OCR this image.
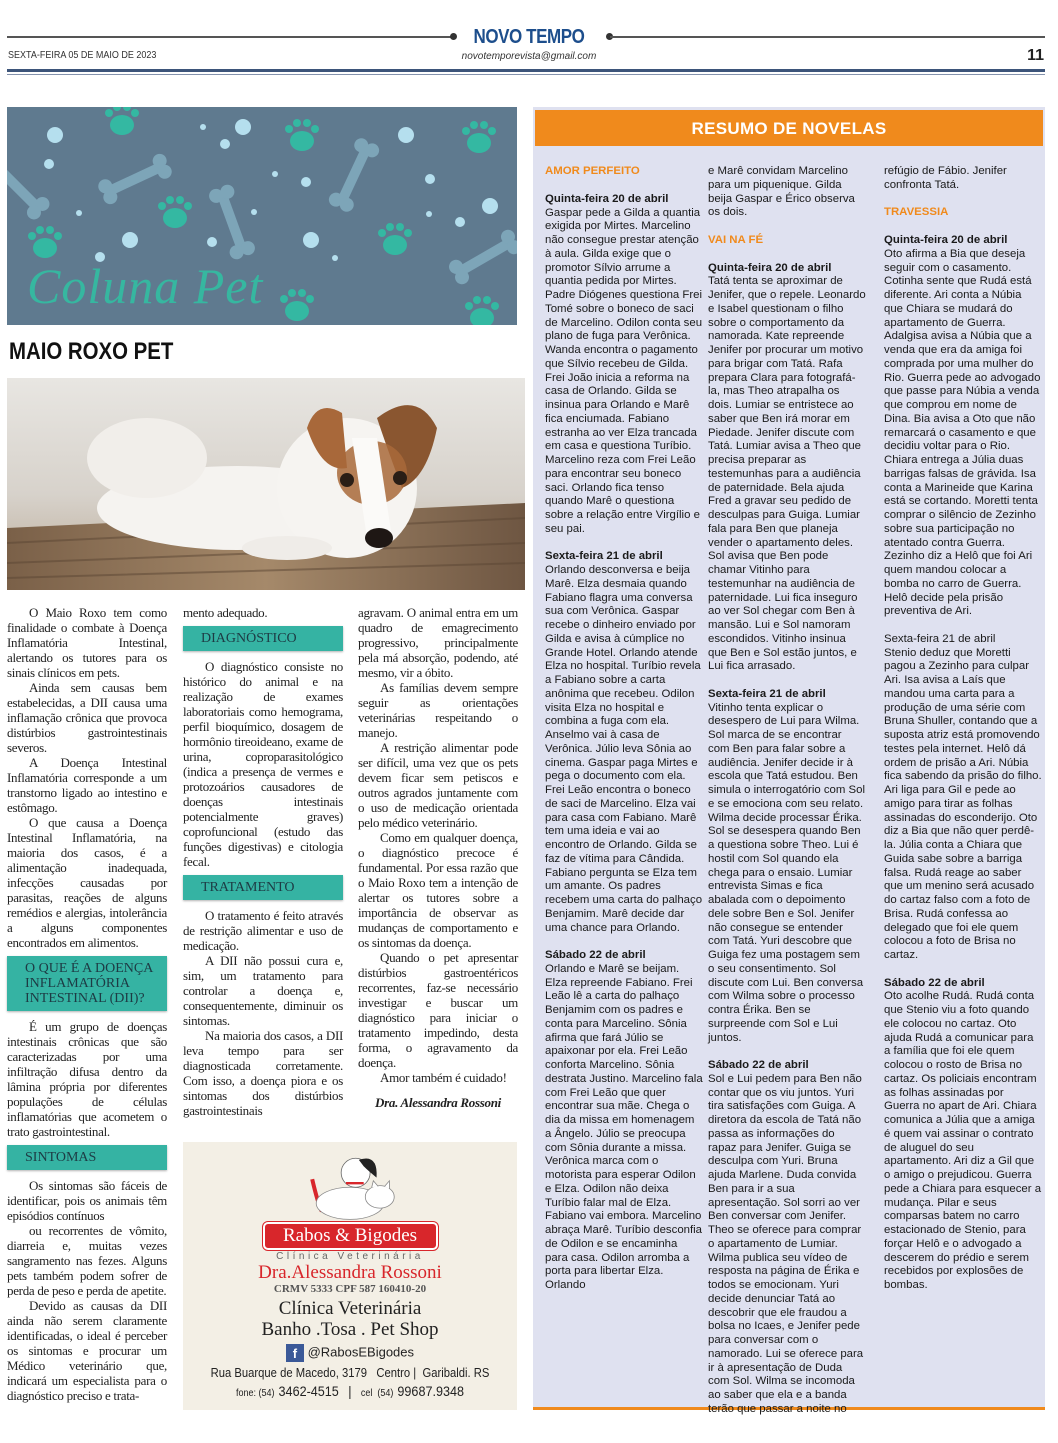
NOVO TEMPO
SEXTA-FEIRA 05 DE MAIO DE 2023	novotemporevista@gmail.com	11
Coluna Pet
MAIO ROXO PET

O Maio Roxo tem como finalidade o combate à Doença Inflamatória Intestinal, alertando os tutores para os sinais clínicos em pets.

Ainda sem causas bem estabelecidas, a DII causa uma inflamação crônica que provoca distúrbios gastrointestinais severos.

A Doença Intestinal Inflamatória corresponde a um transtorno ligado ao intestino e estômago.

O que causa a Doença Intestinal Inflamatória, na maioria dos casos, é a alimentação inadequada, infecções causadas por parasitas, reações de alguns remédios e alergias, intolerância a alguns componentes encontrados em alimentos.

O QUE É A DOENÇA INFLAMATÓRIA INTESTINAL (DII)?

É um grupo de doenças intestinais crônicas que são caracterizadas por uma infiltração difusa dentro da lâmina própria por diferentes populações de células inflamatórias que acometem o trato gastrointestinal.

SINTOMAS

Os sintomas são fáceis de identificar, pois os animais têm episódios contínuos

ou recorrentes de vômito, diarreia e, muitas vezes sangramento nas fezes. Alguns pets também podem sofrer de perda de peso e perda de apetite.

Devido as causas da DII ainda não serem claramente identificadas, o ideal é perceber os sintomas e procurar um Médico veterinário que, indicará um especialista para o diagnóstico preciso e trata-

mento adequado.

DIAGNÓSTICO

O diagnóstico consiste no histórico do animal e na realização de exames laboratoriais como hemograma, perfil bioquímico, dosagem de hormônio tireoideano, exame de urina, coproparasitológico (indica a presença de vermes e protozoários causadores de doenças intestinais potencialmente graves) coprofuncional (estudo das funções digestivas) e citologia fecal.

TRATAMENTO

O tratamento é feito através de restrição alimentar e uso de medicação.

A DII não possui cura e, sim, um tratamento para controlar a doença e, consequentemente, diminuir os sintomas.

Na maioria dos casos, a DII leva tempo para ser diagnosticada corretamente. Com isso, a doença piora e os sintomas dos distúrbios gastrointestinais

agravam. O animal entra em um quadro de emagrecimento progressivo, principalmente pela má absorção, podendo, até mesmo, vir a óbito.

As famílias devem sempre seguir as orientações veterinárias respeitando o manejo.

A restrição alimentar pode ser difícil, uma vez que os pets devem ficar sem petiscos e outros agrados juntamente com o uso de medicação orientada pelo médico veterinário.

Como em qualquer doença, o diagnóstico precoce é fundamental. Por essa razão que o Maio Roxo tem a intenção de alertar os tutores sobre a importância de observar as mudanças de comportamento e os sintomas da doença.

Quando o pet apresentar distúrbios gastroentéricos recorrentes, faz-se necessário investigar e buscar um diagnóstico para iniciar o tratamento impedindo, desta forma, o agravamento da doença.

Amor também é cuidado!

Dra. Alessandra Rossoni

Rabos & Bigodes
Clínica Veterinária
Dra.Alessandra Rossoni
CRMV 5333 CPF 587 160410-20
Clínica Veterinária
Banho .Tosa . Pet Shop
f @RabosEBigodes
Rua Buarque de Macedo, 3179   Centro |  Garibaldi. RS
fone: (54) 3462-4515 | cel  (54) 99687.9348
RESUMO DE NOVELAS
AMOR PERFEITO
Quinta-feira 20 de abril
Gaspar pede a Gilda a quantia exigida por Mirtes. Marcelino não consegue prestar atenção à aula. Gilda exige que o promotor Sílvio arrume a quantia pedida por Mirtes. Padre Diógenes questiona Frei Tomé sobre o boneco de saci de Marcelino. Odilon conta seu plano de fuga para Verônica. Wanda encontra o pagamento que Sílvio recebeu de Gilda. Frei João inicia a reforma na casa de Orlando. Gilda se insinua para Orlando e Marê fica enciumada. Fabiano estranha ao ver Elza trancada em casa e questiona Turíbio. Marcelino reza com Frei Leão para encontrar seu boneco saci. Orlando fica tenso quando Marê o questiona sobre a relação entre Virgílio e seu pai.
Sexta-feira 21 de abril
Orlando desconversa e beija Marê. Elza desmaia quando Fabiano flagra uma conversa sua com Verônica. Gaspar recebe o dinheiro enviado por Gilda e avisa à cúmplice no Grande Hotel. Orlando atende Elza no hospital. Turíbio revela a Fabiano sobre a carta anônima que recebeu. Odilon visita Elza no hospital e combina a fuga com ela. Anselmo vai à casa de Verônica. Júlio leva Sônia ao cinema. Gaspar paga Mirtes e pega o documento com ela. Frei Leão encontra o boneco de saci de Marcelino. Elza vai para casa com Fabiano. Marê tem uma ideia e vai ao encontro de Orlando. Gilda se faz de vítima para Cândida. Fabiano pergunta se Elza tem um amante. Os padres recebem uma carta do palhaço Benjamim. Marê decide dar uma chance para Orlando.
Sábado 22 de abril
Orlando e Marê se beijam. Elza repreende Fabiano. Frei Leão lê a carta do palhaço Benjamim com os padres e conta para Marcelino. Sônia afirma que fará Júlio se apaixonar por ela. Frei Leão conforta Marcelino. Sônia destrata Justino. Marcelino fala com Frei Leão que quer encontrar sua mãe. Chega o dia da missa em homenagem a Ângelo. Júlio se preocupa com Sônia durante a missa. Verônica marca com o motorista para esperar Odilon e Elza. Odilon não deixa Turíbio falar mal de Elza. Fabiano vai embora. Marcelino abraça Marê. Turíbio desconfia de Odilon e se encaminha para casa. Odilon arromba a porta para libertar Elza. Orlando
e Marê convidam Marcelino para um piquenique. Gilda beija Gaspar e Érico observa os dois.
VAI NA FÉ
Quinta-feira 20 de abril
Tatá tenta se aproximar de Jenifer, que o repele. Leonardo e Isabel questionam o filho sobre o comportamento da namorada. Kate repreende Jenifer por procurar um motivo para brigar com Tatá. Rafa prepara Clara para fotografá-la, mas Theo atrapalha os dois. Lumiar se entristece ao saber que Ben irá morar em Piedade. Jenifer discute com Tatá. Lumiar avisa a Theo que precisa preparar as testemunhas para a audiência de paternidade. Bela ajuda Fred a gravar seu pedido de desculpas para Guiga. Lumiar fala para Ben que planeja vender o apartamento deles. Sol avisa que Ben pode chamar Vitinho para testemunhar na audiência de paternidade. Lui fica inseguro ao ver Sol chegar com Ben à mansão. Lui e Sol namoram escondidos. Vitinho insinua que Ben e Sol estão juntos, e Lui fica arrasado.
Sexta-feira 21 de abril
Vitinho tenta explicar o desespero de Lui para Wilma. Sol marca de se encontrar com Ben para falar sobre a audiência. Jenifer decide ir à escola que Tatá estudou. Ben simula o interrogatório com Sol e se emociona com seu relato. Wilma decide processar Érika. Sol se desespera quando Ben a questiona sobre Theo. Lui é hostil com Sol quando ela chega para o ensaio. Lumiar entrevista Simas e fica abalada com o depoimento dele sobre Ben e Sol. Jenifer não consegue se entender com Tatá. Yuri descobre que Guiga fez uma postagem sem o seu consentimento. Sol discute com Lui. Ben conversa com Wilma sobre o processo contra Érika. Ben se surpreende com Sol e Lui juntos.
Sábado 22 de abril
Sol e Lui pedem para Ben não contar que os viu juntos. Yuri tira satisfações com Guiga. A diretora da escola de Tatá não passa as informações do rapaz para Jenifer. Guiga se desculpa com Yuri. Bruna ajuda Marlene. Duda convida Ben para ir a sua apresentação. Sol sorri ao ver Ben conversar com Jenifer. Theo se oferece para comprar o apartamento de Lumiar. Wilma publica seu vídeo de resposta na página de Érika e todos se emocionam. Yuri decide denunciar Tatá ao descobrir que ele fraudou a bolsa no Icaes, e Jenifer pede para conversar com o namorado. Lui se oferece para ir à apresentação de Duda com Sol. Wilma se incomoda ao saber que ela e a banda terão que passar a noite no
refúgio de Fábio. Jenifer confronta Tatá.
TRAVESSIA
Quinta-feira 20 de abril
Oto afirma a Bia que deseja seguir com o casamento. Cotinha sente que Rudá está diferente. Ari conta a Núbia que Chiara se mudará do apartamento de Guerra. Adalgisa avisa a Núbia que a venda que era da amiga foi comprada por uma mulher do Rio. Guerra pede ao advogado que passe para Núbia a venda que comprou em nome de Dina. Bia avisa a Oto que não remarcará o casamento e que decidiu voltar para o Rio. Chiara entrega a Júlia duas barrigas falsas de grávida. Isa conta a Marineide que Karina está se cortando. Moretti tenta comprar o silêncio de Zezinho sobre sua participação no atentado contra Guerra. Zezinho diz a Helô que foi Ari quem mandou colocar a bomba no carro de Guerra. Helô decide pela prisão preventiva de Ari.
Sexta-feira 21 de abril
Stenio deduz que Moretti pagou a Zezinho para culpar Ari. Isa avisa a Laís que mandou uma carta para a produção de uma série com Bruna Shuller, contando que a suposta atriz está promovendo testes pela internet. Helô dá ordem de prisão a Ari. Núbia fica sabendo da prisão do filho. Ari liga para Gil e pede ao amigo para tirar as folhas assinadas do esconderijo. Oto diz a Bia que não quer perdê-la. Júlia conta a Chiara que Guida sabe sobre a barriga falsa. Rudá reage ao saber que um menino será acusado do cartaz falso com a foto de Brisa. Rudá confessa ao delegado que foi ele quem colocou a foto de Brisa no cartaz.
Sábado 22 de abril
Oto acolhe Rudá. Rudá conta que Stenio viu a foto quando ele colocou no cartaz. Oto ajuda Rudá a comunicar para a família que foi ele quem colocou o rosto de Brisa no cartaz. Os policiais encontram as folhas assinadas por Guerra no apart de Ari. Chiara comunica a Júlia que a amiga é quem vai assinar o contrato de aluguel do seu apartamento. Ari diz a Gil que o amigo o prejudicou. Guerra pede a Chiara para esquecer a mudança. Pilar e seus comparsas batem no carro estacionado de Stenio, para forçar Helô e o advogado a descerem do prédio e serem recebidos por explosões de bombas.
